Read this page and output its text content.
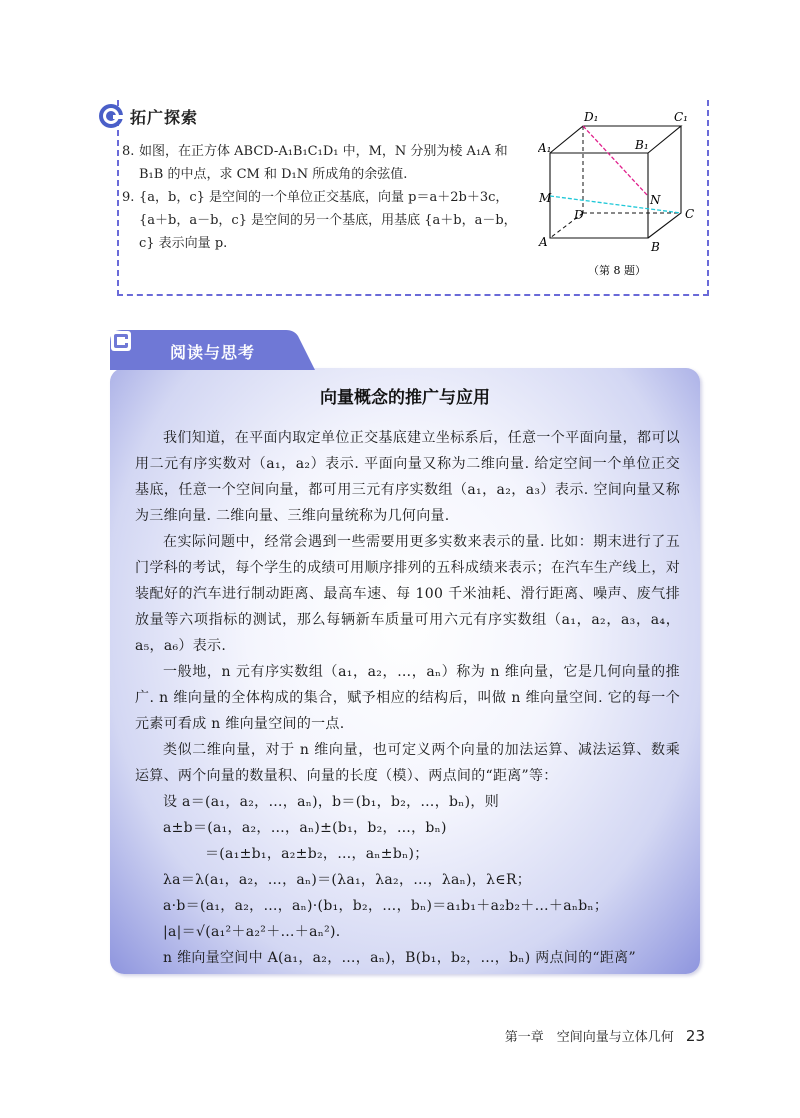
拓广探索
8. 如图，在正方体 ABCD-A₁B₁C₁D₁ 中，M，N 分别为棱 A₁A 和 B₁B 的中点，求 CM 和 D₁N 所成角的余弦值.
9. {a，b，c} 是空间的一个单位正交基底，向量 p＝a＋2b＋3c，{a＋b，a－b，c} 是空间的另一个基底，用基底 {a＋b，a－b，c} 表示向量 p.
D₁	C₁
A₁	B₁
M	N
D	C
A	B
（第 8 题）
阅读与思考
向量概念的推广与应用

我们知道，在平面内取定单位正交基底建立坐标系后，任意一个平面向量，都可以用二元有序实数对（a₁，a₂）表示. 平面向量又称为二维向量. 给定空间一个单位正交基底，任意一个空间向量，都可用三元有序实数组（a₁，a₂，a₃）表示. 空间向量又称为三维向量. 二维向量、三维向量统称为几何向量.

在实际问题中，经常会遇到一些需要用更多实数来表示的量. 比如：期末进行了五门学科的考试，每个学生的成绩可用顺序排列的五科成绩来表示；在汽车生产线上，对装配好的汽车进行制动距离、最高车速、每 100 千米油耗、滑行距离、噪声、废气排放量等六项指标的测试，那么每辆新车质量可用六元有序实数组（a₁，a₂，a₃，a₄，a₅，a₆）表示.

一般地，n 元有序实数组（a₁，a₂，…，aₙ）称为 n 维向量，它是几何向量的推广. n 维向量的全体构成的集合，赋予相应的结构后，叫做 n 维向量空间. 它的每一个元素可看成 n 维向量空间的一点.

类似二维向量，对于 n 维向量，也可定义两个向量的加法运算、减法运算、数乘运算、两个向量的数量积、向量的长度（模）、两点间的“距离”等：

设 a＝(a₁，a₂，…，aₙ)，b＝(b₁，b₂，…，bₙ)，则
a±b＝(a₁，a₂，…，aₙ)±(b₁，b₂，…，bₙ)
＝(a₁±b₁，a₂±b₂，…，aₙ±bₙ)；
λa＝λ(a₁，a₂，…，aₙ)＝(λa₁，λa₂，…，λaₙ)，λ∈R；
a·b＝(a₁，a₂，…，aₙ)·(b₁，b₂，…，bₙ)＝a₁b₁＋a₂b₂＋…＋aₙbₙ；
|a|＝√(a₁²＋a₂²＋…＋aₙ²).
n 维向量空间中 A(a₁，a₂，…，aₙ)，B(b₁，b₂，…，bₙ) 两点间的“距离”
第一章　空间向量与立体几何 23
